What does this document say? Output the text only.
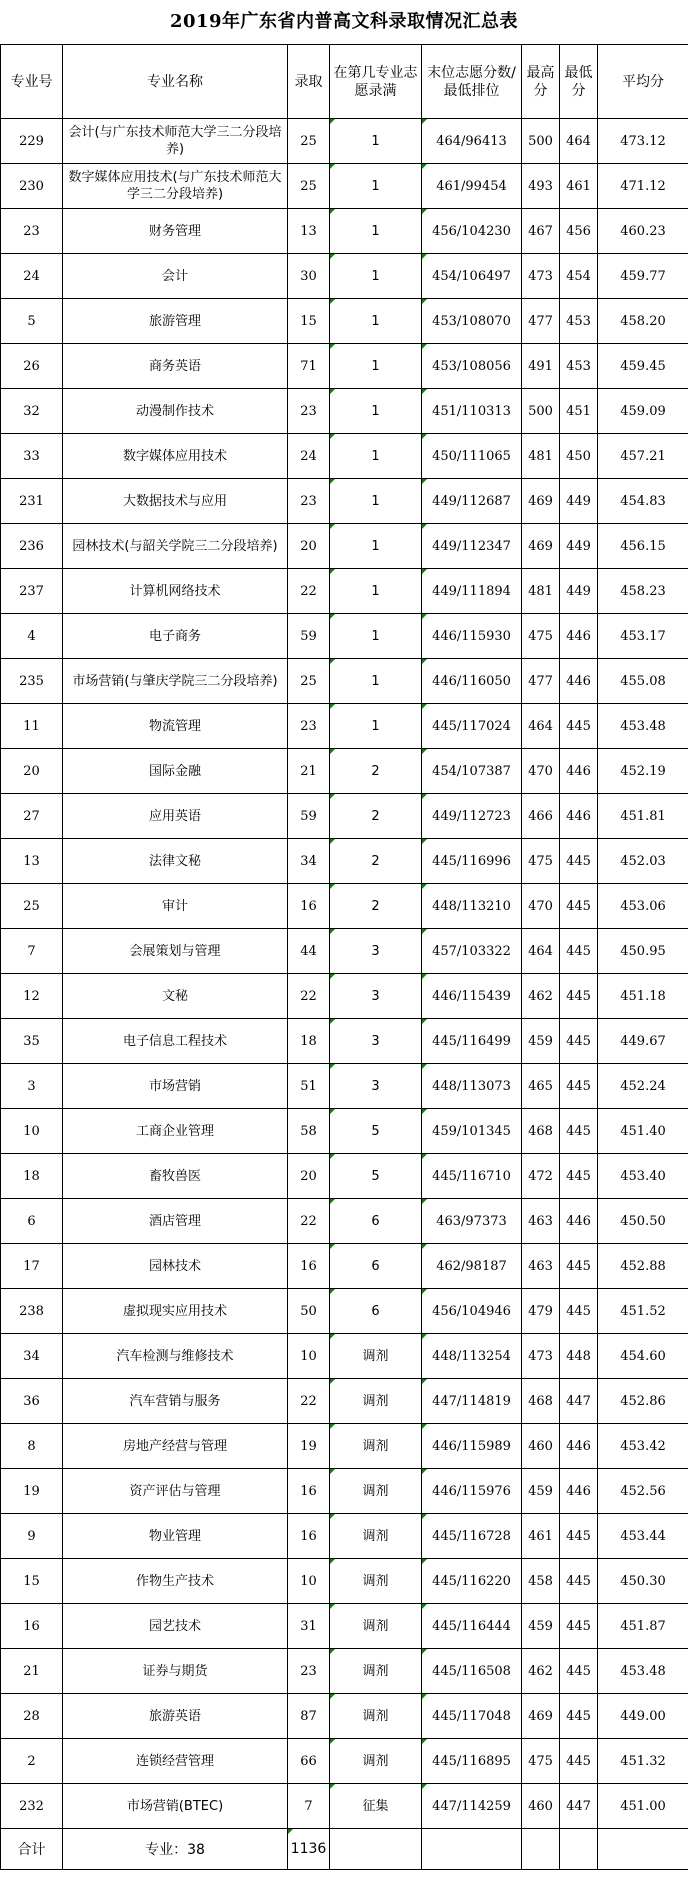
2019年广东省内普高文科录取情况汇总表
专业号	专业名称	录取	在第几专业志愿录满	末位志愿分数/最低排位	最高分	最低分	平均分
229	会计(与广东技术师范大学三二分段培养)	25	1	464/96413	500	464	473.12
230	数字媒体应用技术(与广东技术师范大学三二分段培养)	25	1	461/99454	493	461	471.12
23	财务管理	13	1	456/104230	467	456	460.23
24	会计	30	1	454/106497	473	454	459.77
5	旅游管理	15	1	453/108070	477	453	458.20
26	商务英语	71	1	453/108056	491	453	459.45
32	动漫制作技术	23	1	451/110313	500	451	459.09
33	数字媒体应用技术	24	1	450/111065	481	450	457.21
231	大数据技术与应用	23	1	449/112687	469	449	454.83
236	园林技术(与韶关学院三二分段培养)	20	1	449/112347	469	449	456.15
237	计算机网络技术	22	1	449/111894	481	449	458.23
4	电子商务	59	1	446/115930	475	446	453.17
235	市场营销(与肇庆学院三二分段培养)	25	1	446/116050	477	446	455.08
11	物流管理	23	1	445/117024	464	445	453.48
20	国际金融	21	2	454/107387	470	446	452.19
27	应用英语	59	2	449/112723	466	446	451.81
13	法律文秘	34	2	445/116996	475	445	452.03
25	审计	16	2	448/113210	470	445	453.06
7	会展策划与管理	44	3	457/103322	464	445	450.95
12	文秘	22	3	446/115439	462	445	451.18
35	电子信息工程技术	18	3	445/116499	459	445	449.67
3	市场营销	51	3	448/113073	465	445	452.24
10	工商企业管理	58	5	459/101345	468	445	451.40
18	畜牧兽医	20	5	445/116710	472	445	453.40
6	酒店管理	22	6	463/97373	463	446	450.50
17	园林技术	16	6	462/98187	463	445	452.88
238	虚拟现实应用技术	50	6	456/104946	479	445	451.52
34	汽车检测与维修技术	10	调剂	448/113254	473	448	454.60
36	汽车营销与服务	22	调剂	447/114819	468	447	452.86
8	房地产经营与管理	19	调剂	446/115989	460	446	453.42
19	资产评估与管理	16	调剂	446/115976	459	446	452.56
9	物业管理	16	调剂	445/116728	461	445	453.44
15	作物生产技术	10	调剂	445/116220	458	445	450.30
16	园艺技术	31	调剂	445/116444	459	445	451.87
21	证券与期货	23	调剂	445/116508	462	445	453.48
28	旅游英语	87	调剂	445/117048	469	445	449.00
2	连锁经营管理	66	调剂	445/116895	475	445	451.32
232	市场营销(BTEC)	7	征集	447/114259	460	447	451.00
合计	专业：38	1136					
